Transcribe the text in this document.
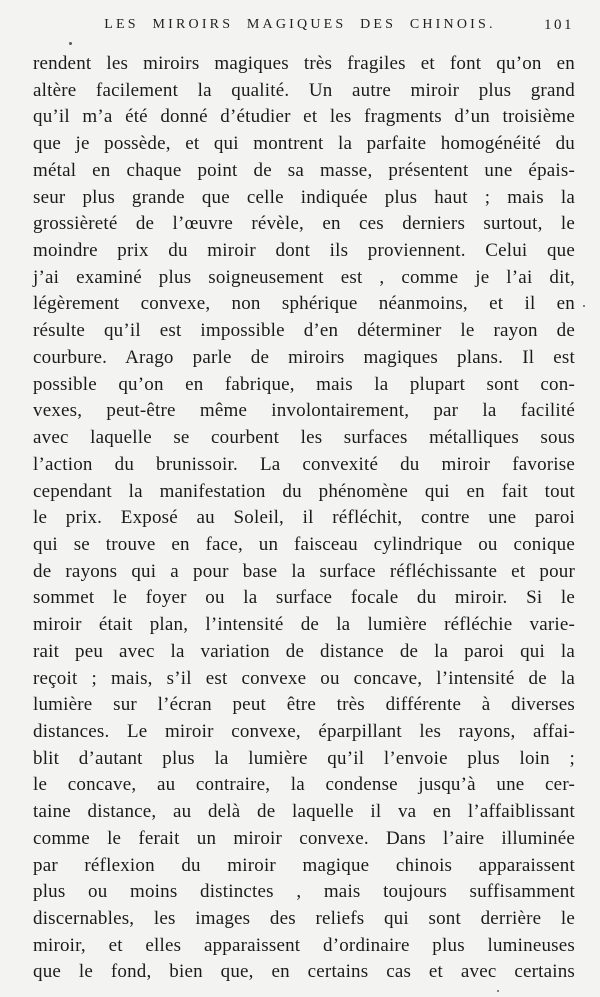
LES MIROIRS MAGIQUES DES CHINOIS.	101
rendent les miroirs magiques très fragiles et font qu’on en
altère facilement la qualité. Un autre miroir plus grand
qu’il m’a été donné d’étudier et les fragments d’un troisième
que je possède, et qui montrent la parfaite homogénéité du
métal en chaque point de sa masse, présentent une épais-
seur plus grande que celle indiquée plus haut ; mais la
grossièreté de l’œuvre révèle, en ces derniers surtout, le
moindre prix du miroir dont ils proviennent. Celui que
j’ai examiné plus soigneusement est , comme je l’ai dit,
légèrement convexe, non sphérique néanmoins, et il en
résulte qu’il est impossible d’en déterminer le rayon de
courbure. Arago parle de miroirs magiques plans. Il est
possible qu’on en fabrique, mais la plupart sont con-
vexes, peut-être même involontairement, par la facilité
avec laquelle se courbent les surfaces métalliques sous
l’action du brunissoir. La convexité du miroir favorise
cependant la manifestation du phénomène qui en fait tout
le prix. Exposé au Soleil, il réfléchit, contre une paroi
qui se trouve en face, un faisceau cylindrique ou conique
de rayons qui a pour base la surface réfléchissante et pour
sommet le foyer ou la surface focale du miroir. Si le
miroir était plan, l’intensité de la lumière réfléchie varie-
rait peu avec la variation de distance de la paroi qui la
reçoit ; mais, s’il est convexe ou concave, l’intensité de la
lumière sur l’écran peut être très différente à diverses
distances. Le miroir convexe, éparpillant les rayons, affai-
blit d’autant plus la lumière qu’il l’envoie plus loin ;
le concave, au contraire, la condense jusqu’à une cer-
taine distance, au delà de laquelle il va en l’affaiblissant
comme le ferait un miroir convexe. Dans l’aire illuminée
par réflexion du miroir magique chinois apparaissent
plus ou moins distinctes , mais toujours suffisamment
discernables, les images des reliefs qui sont derrière le
miroir, et elles apparaissent d’ordinaire plus lumineuses
que le fond, bien que, en certains cas et avec certains
